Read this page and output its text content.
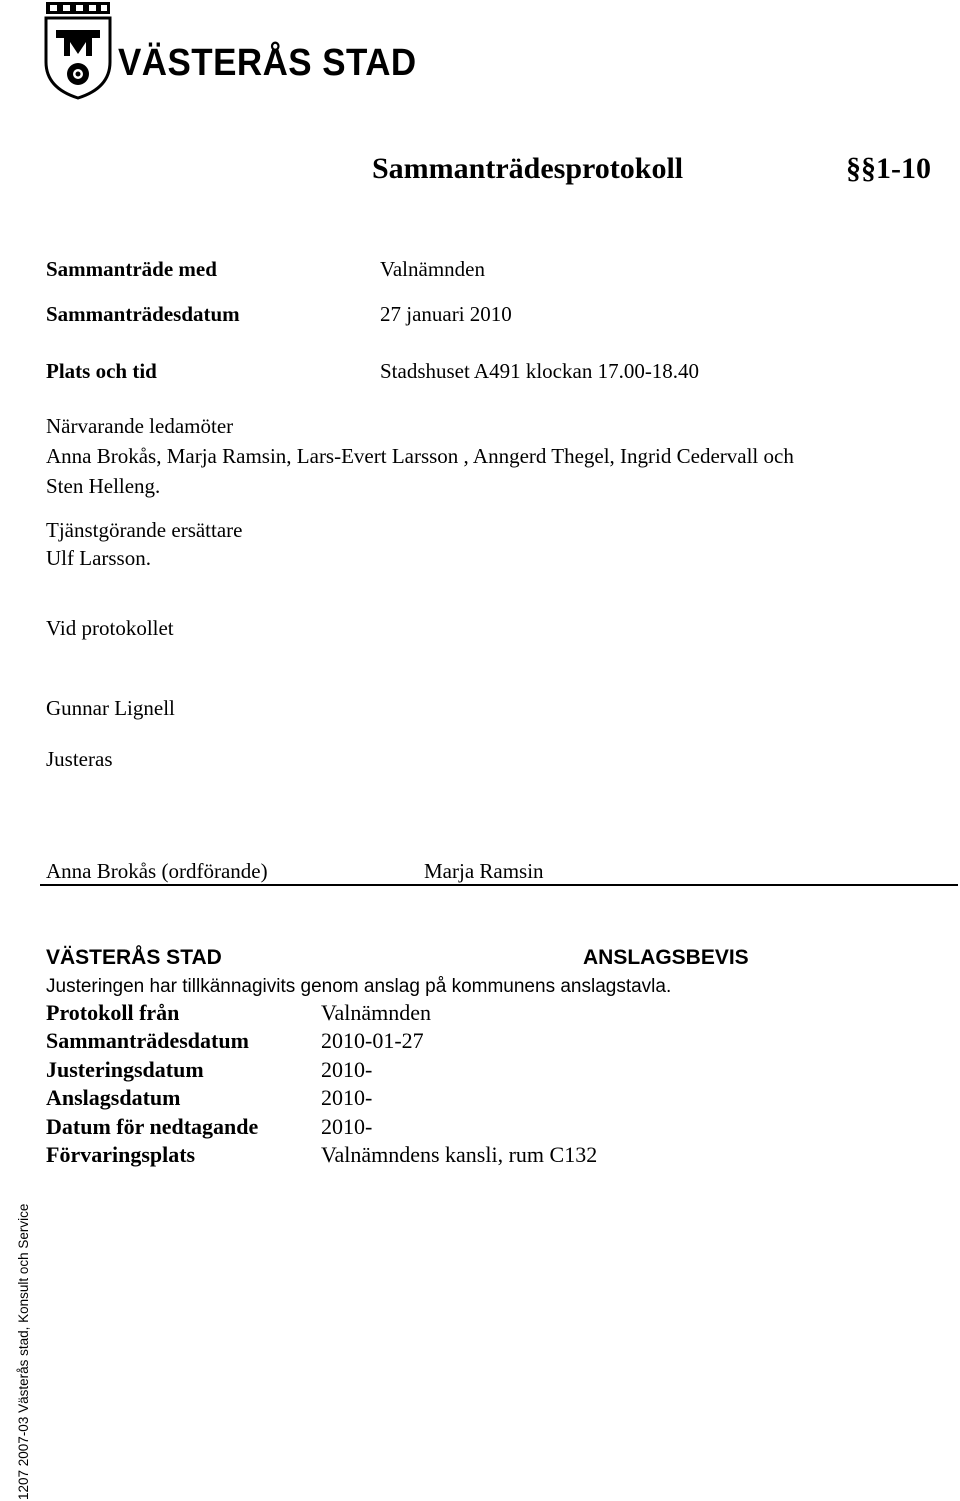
VÄSTERÅS STAD
Sammanträdesprotokoll	§§1-10
Sammanträde med	Valnämnden
Sammanträdesdatum	27 januari 2010
Plats och tid	Stadshuset A491 klockan 17.00-18.40
Närvarande ledamöter
Anna Brokås, Marja Ramsin, Lars-Evert Larsson , Anngerd Thegel, Ingrid Cedervall och
Sten Helleng.
Tjänstgörande ersättare
Ulf Larsson.
Vid protokollet
Gunnar Lignell
Justeras
Anna Brokås (ordförande)	Marja Ramsin
VÄSTERÅS STAD	ANSLAGSBEVIS
Justeringen har tillkännagivits genom anslag på kommunens anslagstavla.
Protokoll från	Valnämnden
Sammanträdesdatum	2010-01-27
Justeringsdatum	2010-
Anslagsdatum	2010-
Datum för nedtagande	2010-
Förvaringsplats	Valnämndens kansli, rum C132
1207 2007-03 Västerås stad, Konsult och Service
